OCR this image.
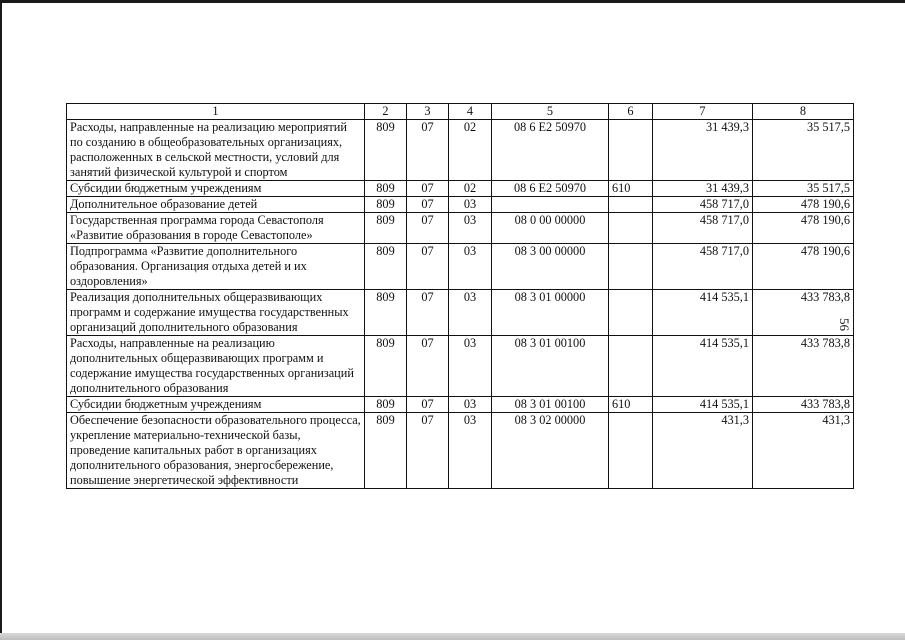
56
1	2	3	4	5	6	7	8
Расходы, направленные на реализацию мероприятий по созданию в общеобразовательных организациях, расположенных в сельской местности, условий для занятий физической культурой и спортом	809	07	02	08 6 Е2 50970		31 439,3	35 517,5
Субсидии бюджетным учреждениям	809	07	02	08 6 Е2 50970	610	31 439,3	35 517,5
Дополнительное образование детей	809	07	03			458 717,0	478 190,6
Государственная программа города Севастополя «Развитие образования в городе Севастополе»	809	07	03	08 0 00 00000		458 717,0	478 190,6
Подпрограмма «Развитие дополнительного образования. Организация отдыха детей и их оздоровления»	809	07	03	08 3 00 00000		458 717,0	478 190,6
Реализация дополнительных общеразвивающих программ и содержание имущества государственных организаций дополнительного образования	809	07	03	08 3 01 00000		414 535,1	433 783,8
Расходы, направленные на реализацию дополнительных общеразвивающих программ и содержание имущества государственных организаций дополнительного образования	809	07	03	08 3 01 00100		414 535,1	433 783,8
Субсидии бюджетным учреждениям	809	07	03	08 3 01 00100	610	414 535,1	433 783,8
Обеспечение безопасности образовательного процесса, укрепление материально-технической базы, проведение капитальных работ в организациях дополнительного образования, энергосбережение, повышение энергетической эффективности	809	07	03	08 3 02 00000		431,3	431,3
